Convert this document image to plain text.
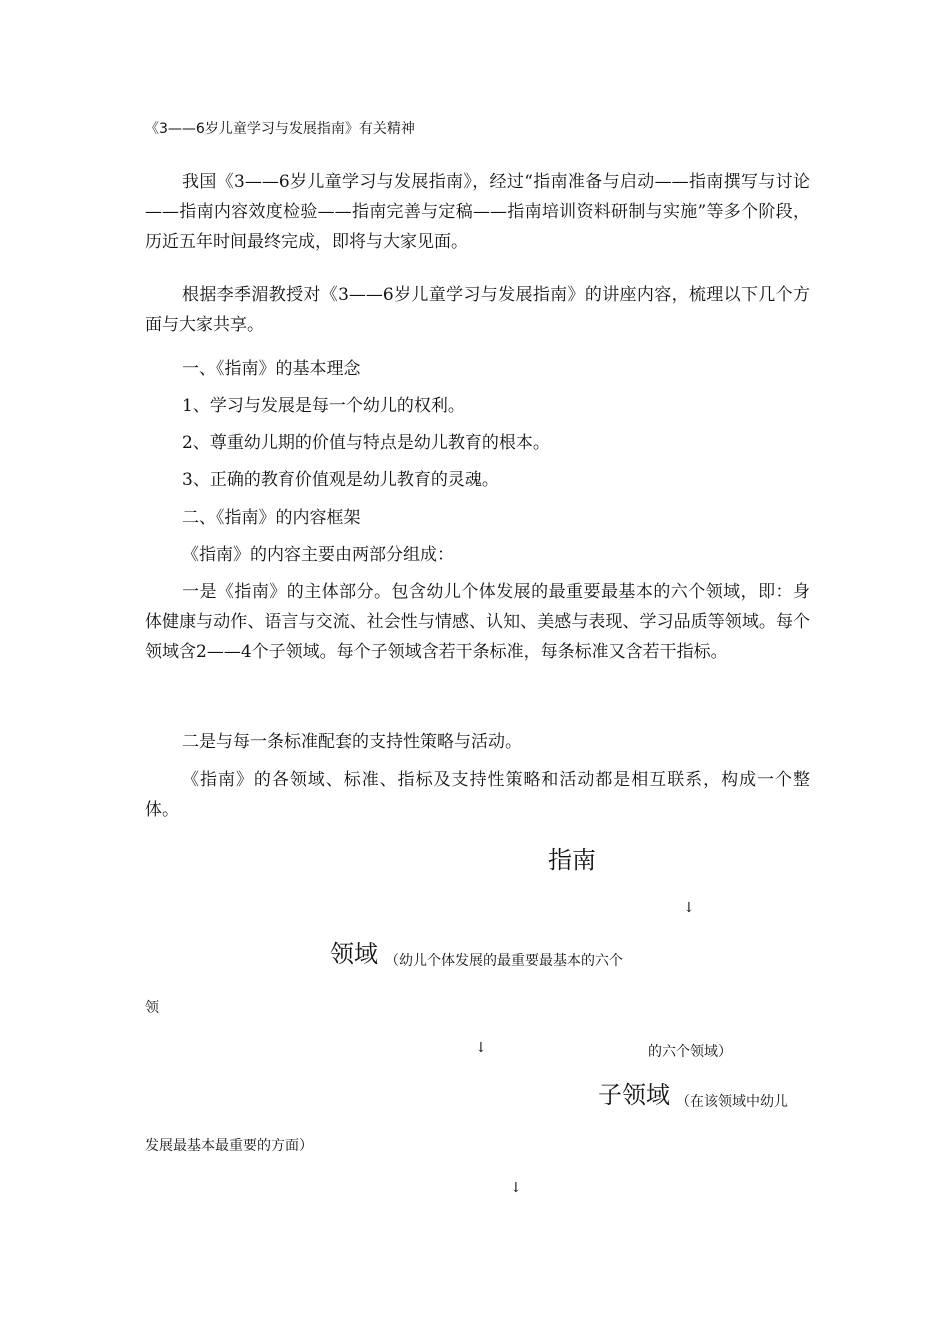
《3——6岁儿童学习与发展指南》有关精神

我国《3——6岁儿童学习与发展指南》，经过“指南准备与启动——指南撰写与讨论——指南内容效度检验——指南完善与定稿——指南培训资料研制与实施”等多个阶段，历近五年时间最终完成，即将与大家见面。

根据李季湄教授对《3——6岁儿童学习与发展指南》的讲座内容，梳理以下几个方面与大家共享。

一、《指南》的基本理念

1、学习与发展是每一个幼儿的权利。

2、尊重幼儿期的价值与特点是幼儿教育的根本。

3、正确的教育价值观是幼儿教育的灵魂。

二、《指南》的内容框架

《指南》的内容主要由两部分组成：

一是《指南》的主体部分。包含幼儿个体发展的最重要最基本的六个领域，即：身体健康与动作、语言与交流、社会性与情感、认知、美感与表现、学习品质等领域。每个领域含2——4个子领域。每个子领域含若干条标准，每条标准又含若干指标。

二是与每一条标准配套的支持性策略与活动。

《指南》的各领域、标准、指标及支持性策略和活动都是相互联系，构成一个整体。

指南
↓
领域 （幼儿个体发展的最重要最基本的六个
领
↓	的六个领域）
子领域 （在该领域中幼儿
发展最基本最重要的方面）
↓
